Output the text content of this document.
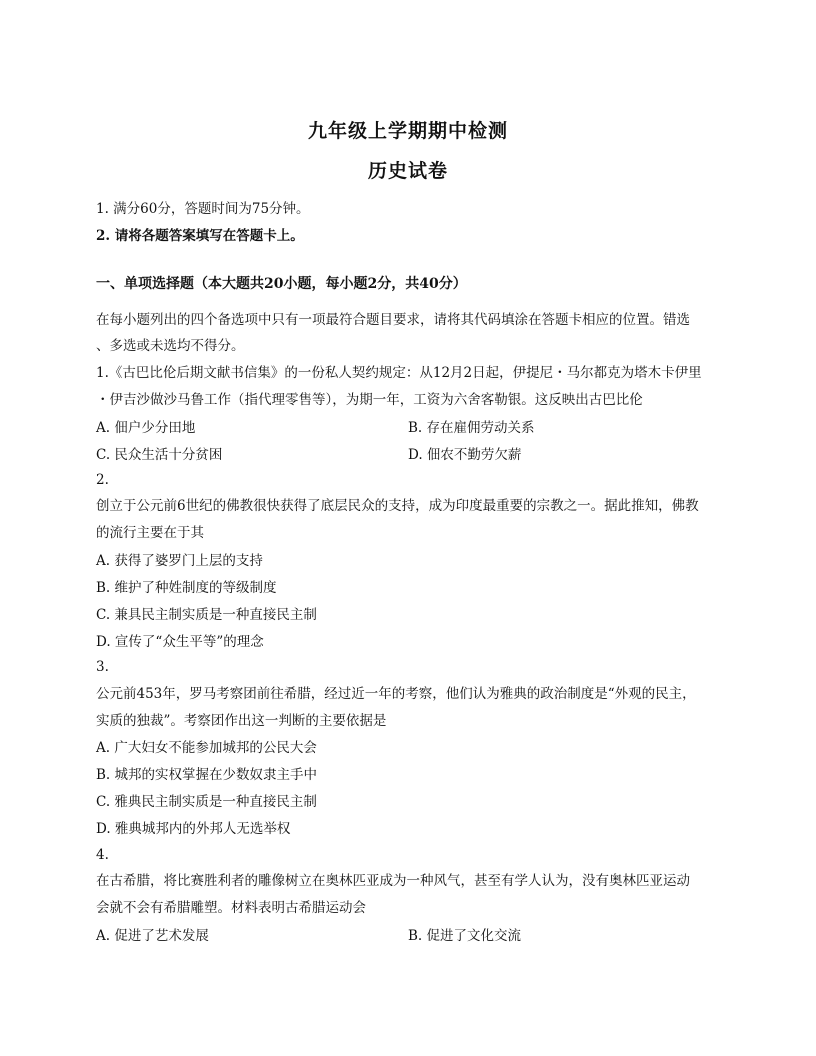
九年级上学期期中检测
历史试卷
1. 满分60分，答题时间为75分钟。
2. 请将各题答案填写在答题卡上。
一、单项选择题（本大题共20小题，每小题2分，共40分）
在每小题列出的四个备选项中只有一项最符合题目要求，请将其代码填涂在答题卡相应的位置。错选
、多选或未选均不得分。
1.《古巴比伦后期文献书信集》的一份私人契约规定：从12月2日起，伊提尼・马尔都克为塔木卡伊里
・伊吉沙做沙马鲁工作（指代理零售等），为期一年，工资为六舍客勒银。这反映出古巴比伦
A. 佃户少分田地	B. 存在雇佣劳动关系
C. 民众生活十分贫困	D. 佃农不勤劳欠薪
2.
创立于公元前6世纪的佛教很快获得了底层民众的支持，成为印度最重要的宗教之一。据此推知，佛教
的流行主要在于其
A. 获得了婆罗门上层的支持
B. 维护了种姓制度的等级制度
C. 兼具民主制实质是一种直接民主制
D. 宣传了“众生平等”的理念
3.
公元前453年，罗马考察团前往希腊，经过近一年的考察，他们认为雅典的政治制度是“外观的民主，
实质的独裁”。考察团作出这一判断的主要依据是
A. 广大妇女不能参加城邦的公民大会
B. 城邦的实权掌握在少数奴隶主手中
C. 雅典民主制实质是一种直接民主制
D. 雅典城邦内的外邦人无选举权
4.
在古希腊，将比赛胜利者的雕像树立在奥林匹亚成为一种风气，甚至有学人认为，没有奥林匹亚运动
会就不会有希腊雕塑。材料表明古希腊运动会
A. 促进了艺术发展	B. 促进了文化交流
